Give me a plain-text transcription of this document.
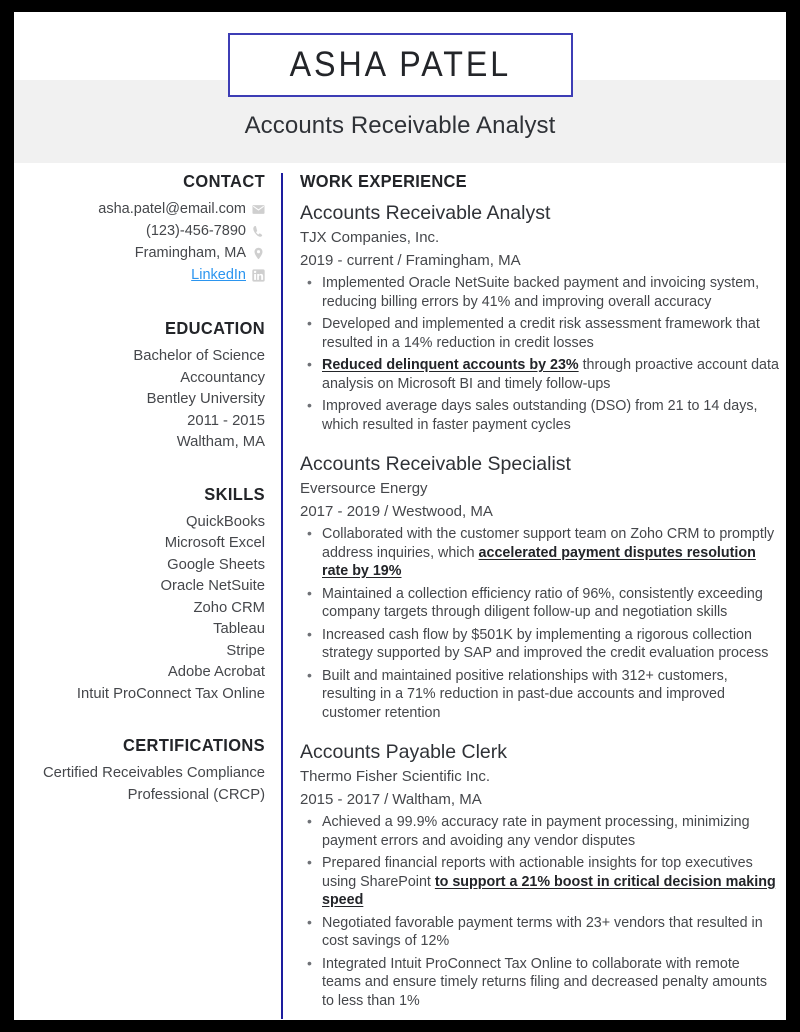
ASHA PATEL
Accounts Receivable Analyst
CONTACT
asha.patel@email.com
(123)-456-7890
Framingham, MA
LinkedIn
EDUCATION
Bachelor of Science
Accountancy
Bentley University
2011 - 2015
Waltham, MA
SKILLS
QuickBooks
Microsoft Excel
Google Sheets
Oracle NetSuite
Zoho CRM
Tableau
Stripe
Adobe Acrobat
Intuit ProConnect Tax Online
CERTIFICATIONS
Certified Receivables Compliance Professional (CRCP)
WORK EXPERIENCE
Accounts Receivable Analyst
TJX Companies, Inc.
2019 - current / Framingham, MA
• Implemented Oracle NetSuite backed payment and invoicing system, reducing billing errors by 41% and improving overall accuracy
• Developed and implemented a credit risk assessment framework that resulted in a 14% reduction in credit losses
• Reduced delinquent accounts by 23% through proactive account data analysis on Microsoft BI and timely follow-ups
• Improved average days sales outstanding (DSO) from 21 to 14 days, which resulted in faster payment cycles
Accounts Receivable Specialist
Eversource Energy
2017 - 2019 / Westwood, MA
• Collaborated with the customer support team on Zoho CRM to promptly address inquiries, which accelerated payment disputes resolution rate by 19%
• Maintained a collection efficiency ratio of 96%, consistently exceeding company targets through diligent follow-up and negotiation skills
• Increased cash flow by $501K by implementing a rigorous collection strategy supported by SAP and improved the credit evaluation process
• Built and maintained positive relationships with 312+ customers, resulting in a 71% reduction in past-due accounts and improved customer retention
Accounts Payable Clerk
Thermo Fisher Scientific Inc.
2015 - 2017 / Waltham, MA
• Achieved a 99.9% accuracy rate in payment processing, minimizing payment errors and avoiding any vendor disputes
• Prepared financial reports with actionable insights for top executives using SharePoint to support a 21% boost in critical decision making speed
• Negotiated favorable payment terms with 23+ vendors that resulted in cost savings of 12%
• Integrated Intuit ProConnect Tax Online to collaborate with remote teams and ensure timely returns filing and decreased penalty amounts to less than 1%
